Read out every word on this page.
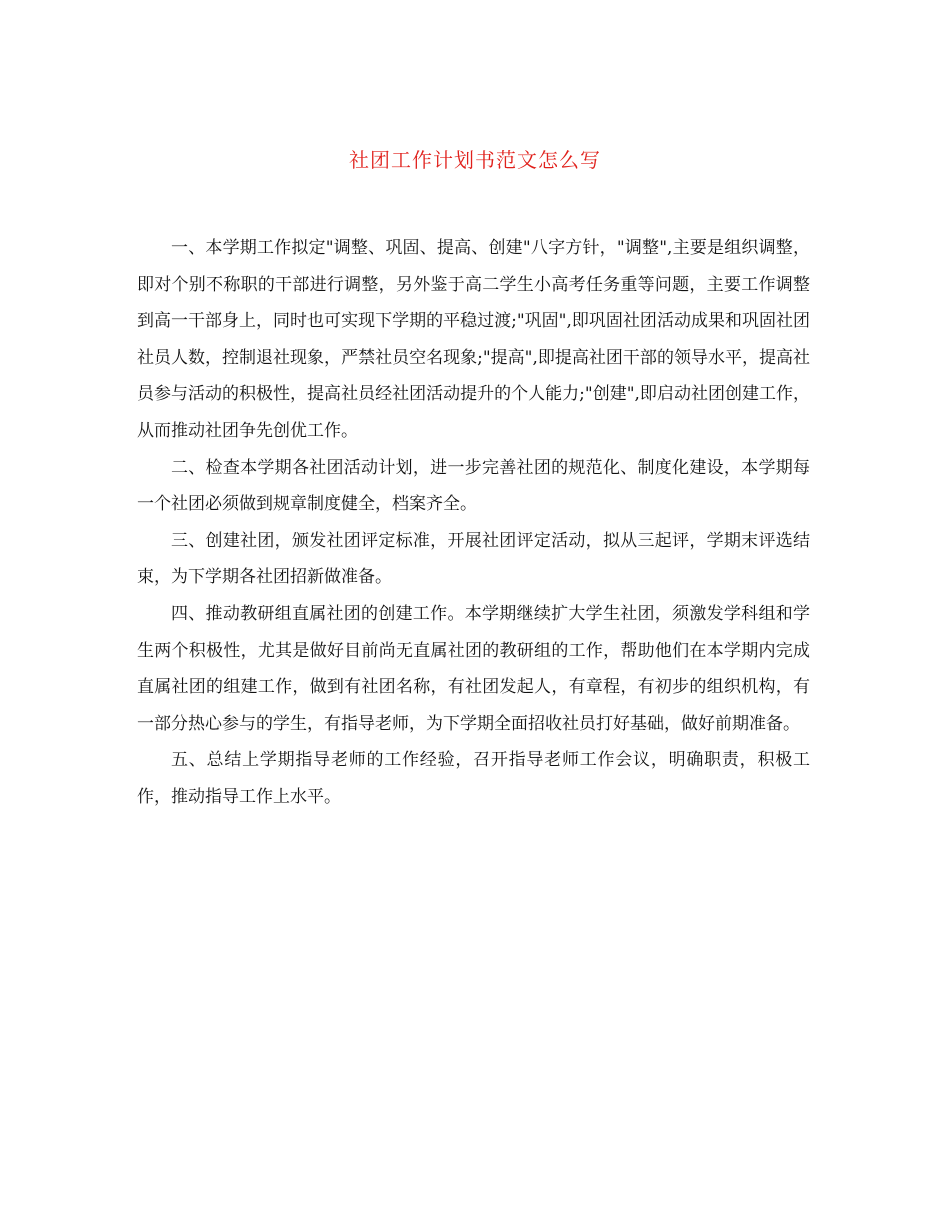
社团工作计划书范文怎么写

一、本学期工作拟定"调整、巩固、提高、创建"八字方针，"调整",主要是组织调整，即对个别不称职的干部进行调整，另外鉴于高二学生小高考任务重等问题，主要工作调整到高一干部身上，同时也可实现下学期的平稳过渡;"巩固",即巩固社团活动成果和巩固社团社员人数，控制退社现象，严禁社员空名现象;"提高",即提高社团干部的领导水平，提高社员参与活动的积极性，提高社员经社团活动提升的个人能力;"创建",即启动社团创建工作，从而推动社团争先创优工作。

二、检查本学期各社团活动计划，进一步完善社团的规范化、制度化建设，本学期每一个社团必须做到规章制度健全，档案齐全。

三、创建社团，颁发社团评定标准，开展社团评定活动，拟从三起评，学期末评选结束，为下学期各社团招新做准备。

四、推动教研组直属社团的创建工作。本学期继续扩大学生社团，须激发学科组和学生两个积极性，尤其是做好目前尚无直属社团的教研组的工作，帮助他们在本学期内完成直属社团的组建工作，做到有社团名称，有社团发起人，有章程，有初步的组织机构，有一部分热心参与的学生，有指导老师，为下学期全面招收社员打好基础，做好前期准备。

五、总结上学期指导老师的工作经验，召开指导老师工作会议，明确职责，积极工作，推动指导工作上水平。
